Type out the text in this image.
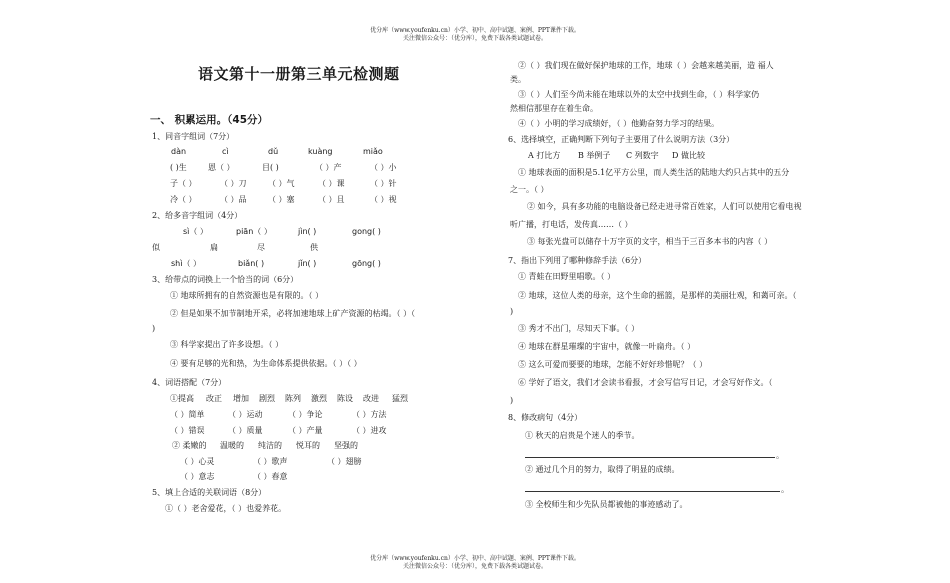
优分库（www.youfenku.cn）小学、初中、高中试题、案例、PPT课件下载。
关注微信公众号：（优分库），免费下载各类试题试卷。
语文第十一册第三单元检测题
一、 积累运用。（45分）
1、同音字组词（7分）
dàn	cì	dǔ	kuàng	miǎo
( )生	恩（ ）	目( )	（ ）产	（ ）小
子（ ）	（ ）刀	（ ）气	（ ）课	（ ）针
冷（ ）	（ ）品	（ ）塞	（ ）且	（ ）视
2、给多音字组词（4分）
sì（ ）	piān（ ）	jìn( )	gong( )
似	扁	尽	供
shì（ ）	biǎn( )	jǐn( )	gōng( )
3、给带点的词换上一个恰当的词（6分）
① 地球所拥有的自然资源也是有限的。（ ）
② 但是如果不加节制地开采，必将加速地球上矿产资源的枯竭。（ ）（
)
③ 科学家提出了许多设想。（ ）
④ 要有足够的光和热，为生命体系提供依据。（ ）（ ）
4、词语搭配（7分）
①提高 改正 增加 剧烈 陈列 激烈 陈设 改进 猛烈
（ ）简单	（ ）运动	（ ）争论	（ ）方法
（ ）错误	（ ）质量	（ ）产量	（ ）进攻
② 柔嫩的 温暖的 纯洁的 悦耳的 坚强的
（ ）心灵	（ ）歌声	（ ）翅膀
（ ）意志	（ ）春意
5、填上合适的关联词语（8分）
①（ ）老舍爱花，（ ）也爱养花。
②（ ）我们现在做好保护地球的工作，地球（ ）会越来越美丽，造 福人
类。
③（ ）人们至今尚未能在地球以外的太空中找到生命，（ ）科学家仍
然相信那里存在着生命。
④（ ）小明的学习成绩好，（ ）他勤奋努力学习的结果。
6、选择填空，正确判断下列句子主要用了什么说明方法（3分）
A 打比方 B 举例子 C 列数字 D 做比较
① 地球表面的面积是5.1亿平方公里，而人类生活的陆地大约只占其中的五分
之一。（ ）
② 如今，具有多功能的电脑设备已经走进寻常百姓家，人们可以使用它看电视
听广播，打电话，发传真……（ ）
③ 每张光盘可以储存十万字页的文字，相当于三百多本书的内容（ ）
7、指出下列用了哪种修辞手法（6分）
① 青蛙在田野里唱歌。（ ）
② 地球，这位人类的母亲，这个生命的摇篮，是那样的美丽壮观，和蔼可亲。（
)
③ 秀才不出门，尽知天下事。（ ）
④ 地球在群星璀璨的宇宙中，就像一叶扁舟。（ ）
⑤ 这么可爱而要要的地球，怎能不好好珍惜呢？（ ）
⑥ 学好了语文，我们才会读书看报，才会写信写日记，才会写好作文。（
)
8、修改病句（4分）
① 秋天的启贵是个迷人的季节。
。
② 通过几个月的努力，取得了明显的成绩。
。
③ 全校师生和少先队员都被他的事迹感动了。
优分库（www.youfenku.cn）小学、初中、高中试题、案例、PPT课件下载。
关注微信公众号：（优分库），免费下载各类试题试卷。
